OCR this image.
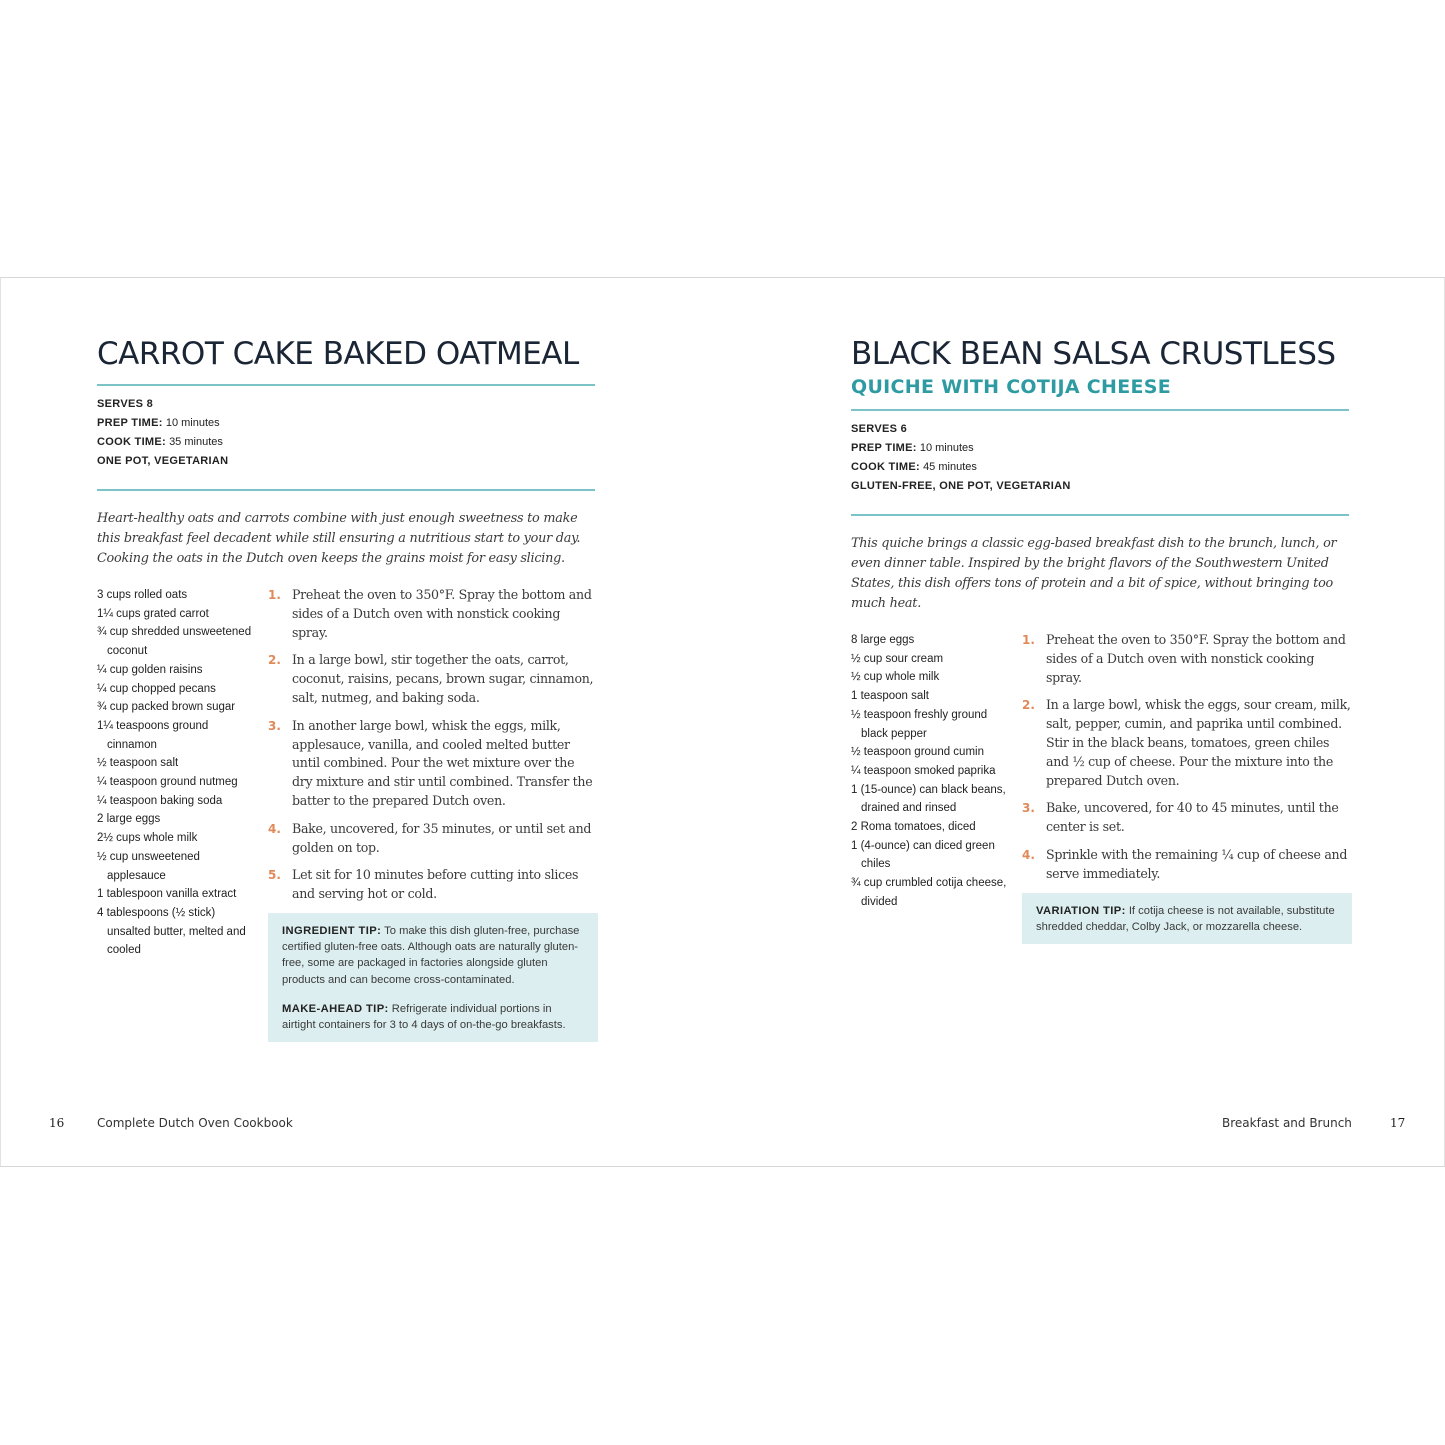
CARROT CAKE BAKED OATMEAL
SERVES 8
PREP TIME: 10 minutes
COOK TIME: 35 minutes
ONE POT, VEGETARIAN

Heart-healthy oats and carrots combine with just enough sweetness to make this breakfast feel decadent while still ensuring a nutritious start to your day. Cooking the oats in the Dutch oven keeps the grains moist for easy slicing.

3 cups rolled oats
1¼ cups grated carrot
¾ cup shredded unsweetened coconut
¼ cup golden raisins
¼ cup chopped pecans
¾ cup packed brown sugar
1¼ teaspoons ground cinnamon
½ teaspoon salt
¼ teaspoon ground nutmeg
¼ teaspoon baking soda
2 large eggs
2½ cups whole milk
½ cup unsweetened applesauce
1 tablespoon vanilla extract
4 tablespoons (½ stick) unsalted butter, melted and cooled
1. Preheat the oven to 350°F. Spray the bottom and sides of a Dutch oven with nonstick cooking spray.

2. In a large bowl, stir together the oats, carrot, coconut, raisins, pecans, brown sugar, cinnamon, salt, nutmeg, and baking soda.

3. In another large bowl, whisk the eggs, milk, applesauce, vanilla, and cooled melted butter until combined. Pour the wet mixture over the dry mixture and stir until combined. Transfer the batter to the prepared Dutch oven.

4. Bake, uncovered, for 35 minutes, or until set and golden on top.

5. Let sit for 10 minutes before cutting into slices and serving hot or cold.

INGREDIENT TIP: To make this dish gluten-free, purchase certified gluten-free oats. Although oats are naturally gluten-free, some are packaged in factories alongside gluten products and can become cross-contaminated.

MAKE-AHEAD TIP: Refrigerate individual portions in airtight containers for 3 to 4 days of on-the-go breakfasts.

16	Complete Dutch Oven Cookbook
BLACK BEAN SALSA CRUSTLESS
QUICHE WITH COTIJA CHEESE
SERVES 6
PREP TIME: 10 minutes
COOK TIME: 45 minutes
GLUTEN-FREE, ONE POT, VEGETARIAN

This quiche brings a classic egg-based breakfast dish to the brunch, lunch, or even dinner table. Inspired by the bright flavors of the Southwestern United States, this dish offers tons of protein and a bit of spice, without bringing too much heat.

8 large eggs
½ cup sour cream
½ cup whole milk
1 teaspoon salt
½ teaspoon freshly ground black pepper
½ teaspoon ground cumin
¼ teaspoon smoked paprika
1 (15-ounce) can black beans, drained and rinsed
2 Roma tomatoes, diced
1 (4-ounce) can diced green chiles
¾ cup crumbled cotija cheese, divided
1. Preheat the oven to 350°F. Spray the bottom and sides of a Dutch oven with nonstick cooking spray.

2. In a large bowl, whisk the eggs, sour cream, milk, salt, pepper, cumin, and paprika until combined. Stir in the black beans, tomatoes, green chiles and ½ cup of cheese. Pour the mixture into the prepared Dutch oven.

3. Bake, uncovered, for 40 to 45 minutes, until the center is set.

4. Sprinkle with the remaining ¼ cup of cheese and serve immediately.

VARIATION TIP: If cotija cheese is not available, substitute shredded cheddar, Colby Jack, or mozzarella cheese.

Breakfast and Brunch	17
